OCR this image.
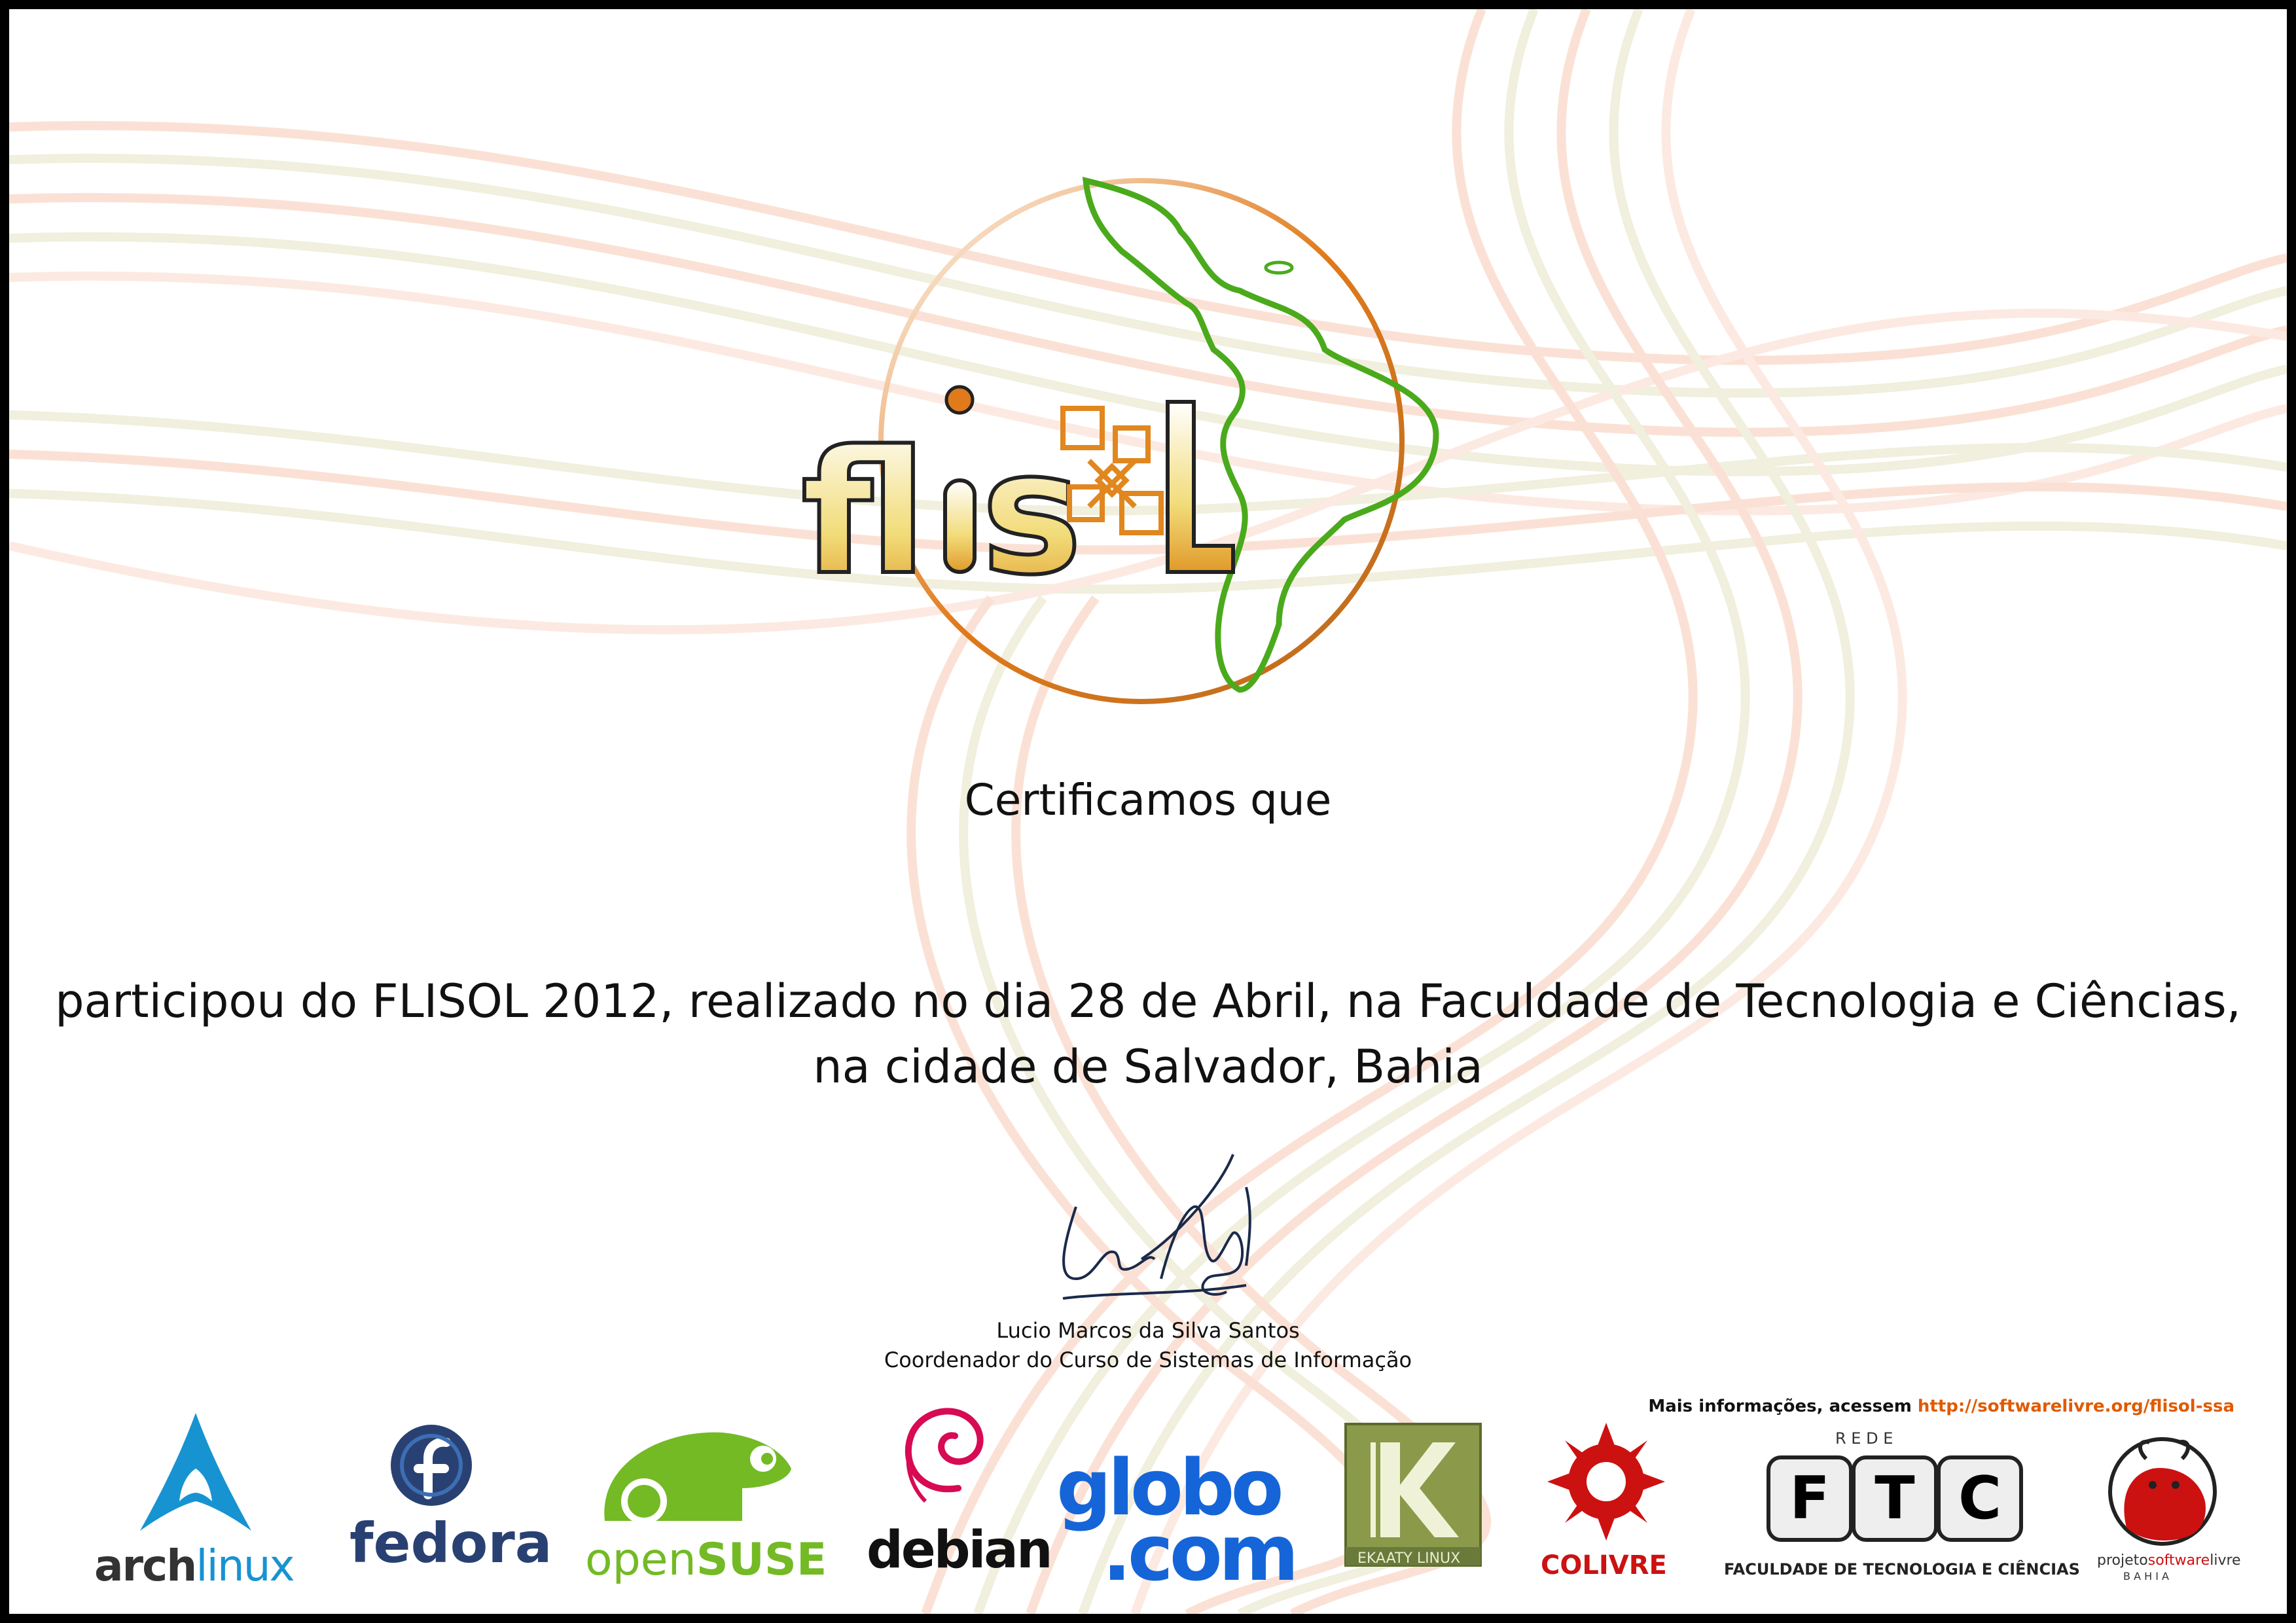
fl s
Certificamos que
participou do FLISOL 2012, realizado no dia 28 de Abril, na Faculdade de Tecnologia e Ciências,
na cidade de Salvador, Bahia
Lucio Marcos da Silva Santos
Coordenador do Curso de Sistemas de Informação
Mais informações, acessem http://softwarelivre.org/flisol-ssa
archlinux fedora openSUSE debian
globo
.com	EKAATY LINUX	COLIVRE
R E D E
F T C
FACULDADE DE TECNOLOGIA E CIÊNCIAS projetosoftwarelivre
B A H I A
